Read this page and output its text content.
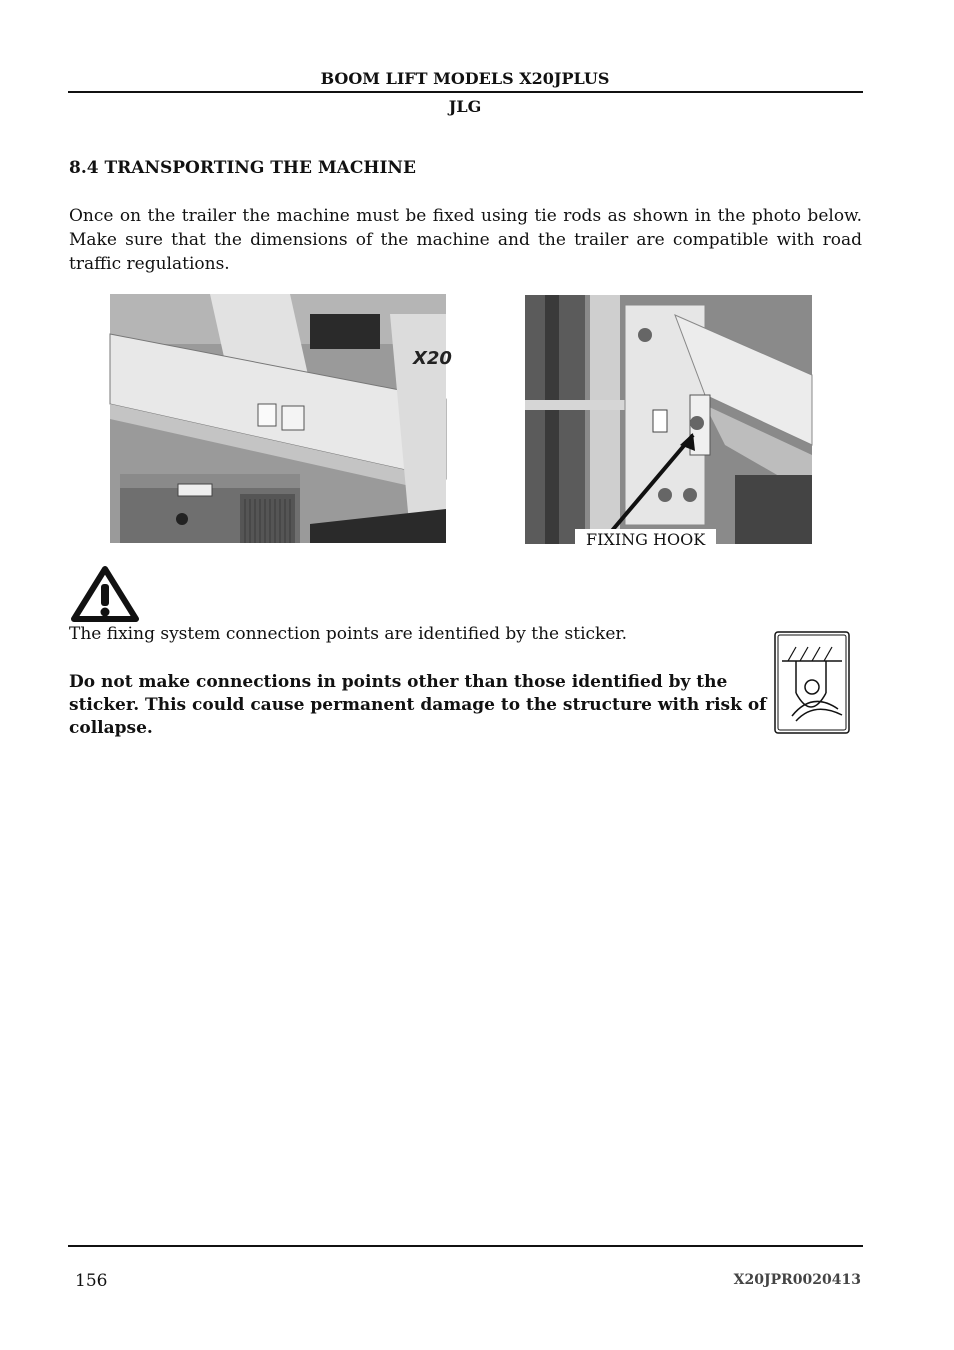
BOOM LIFT MODELS X20JPLUS
JLG
8.4 TRANSPORTING THE MACHINE
Once on the trailer the machine must be fixed using tie rods as shown in the photo below. Make sure that the dimensions of the machine and the trailer are compatible with road traffic regulations.
X20
FIXING HOOK
The fixing system connection points are identified by the sticker.
Do not make connections in points other than those identified by the sticker. This could cause permanent damage to the structure with risk of collapse.
156	X20JPR0020413
